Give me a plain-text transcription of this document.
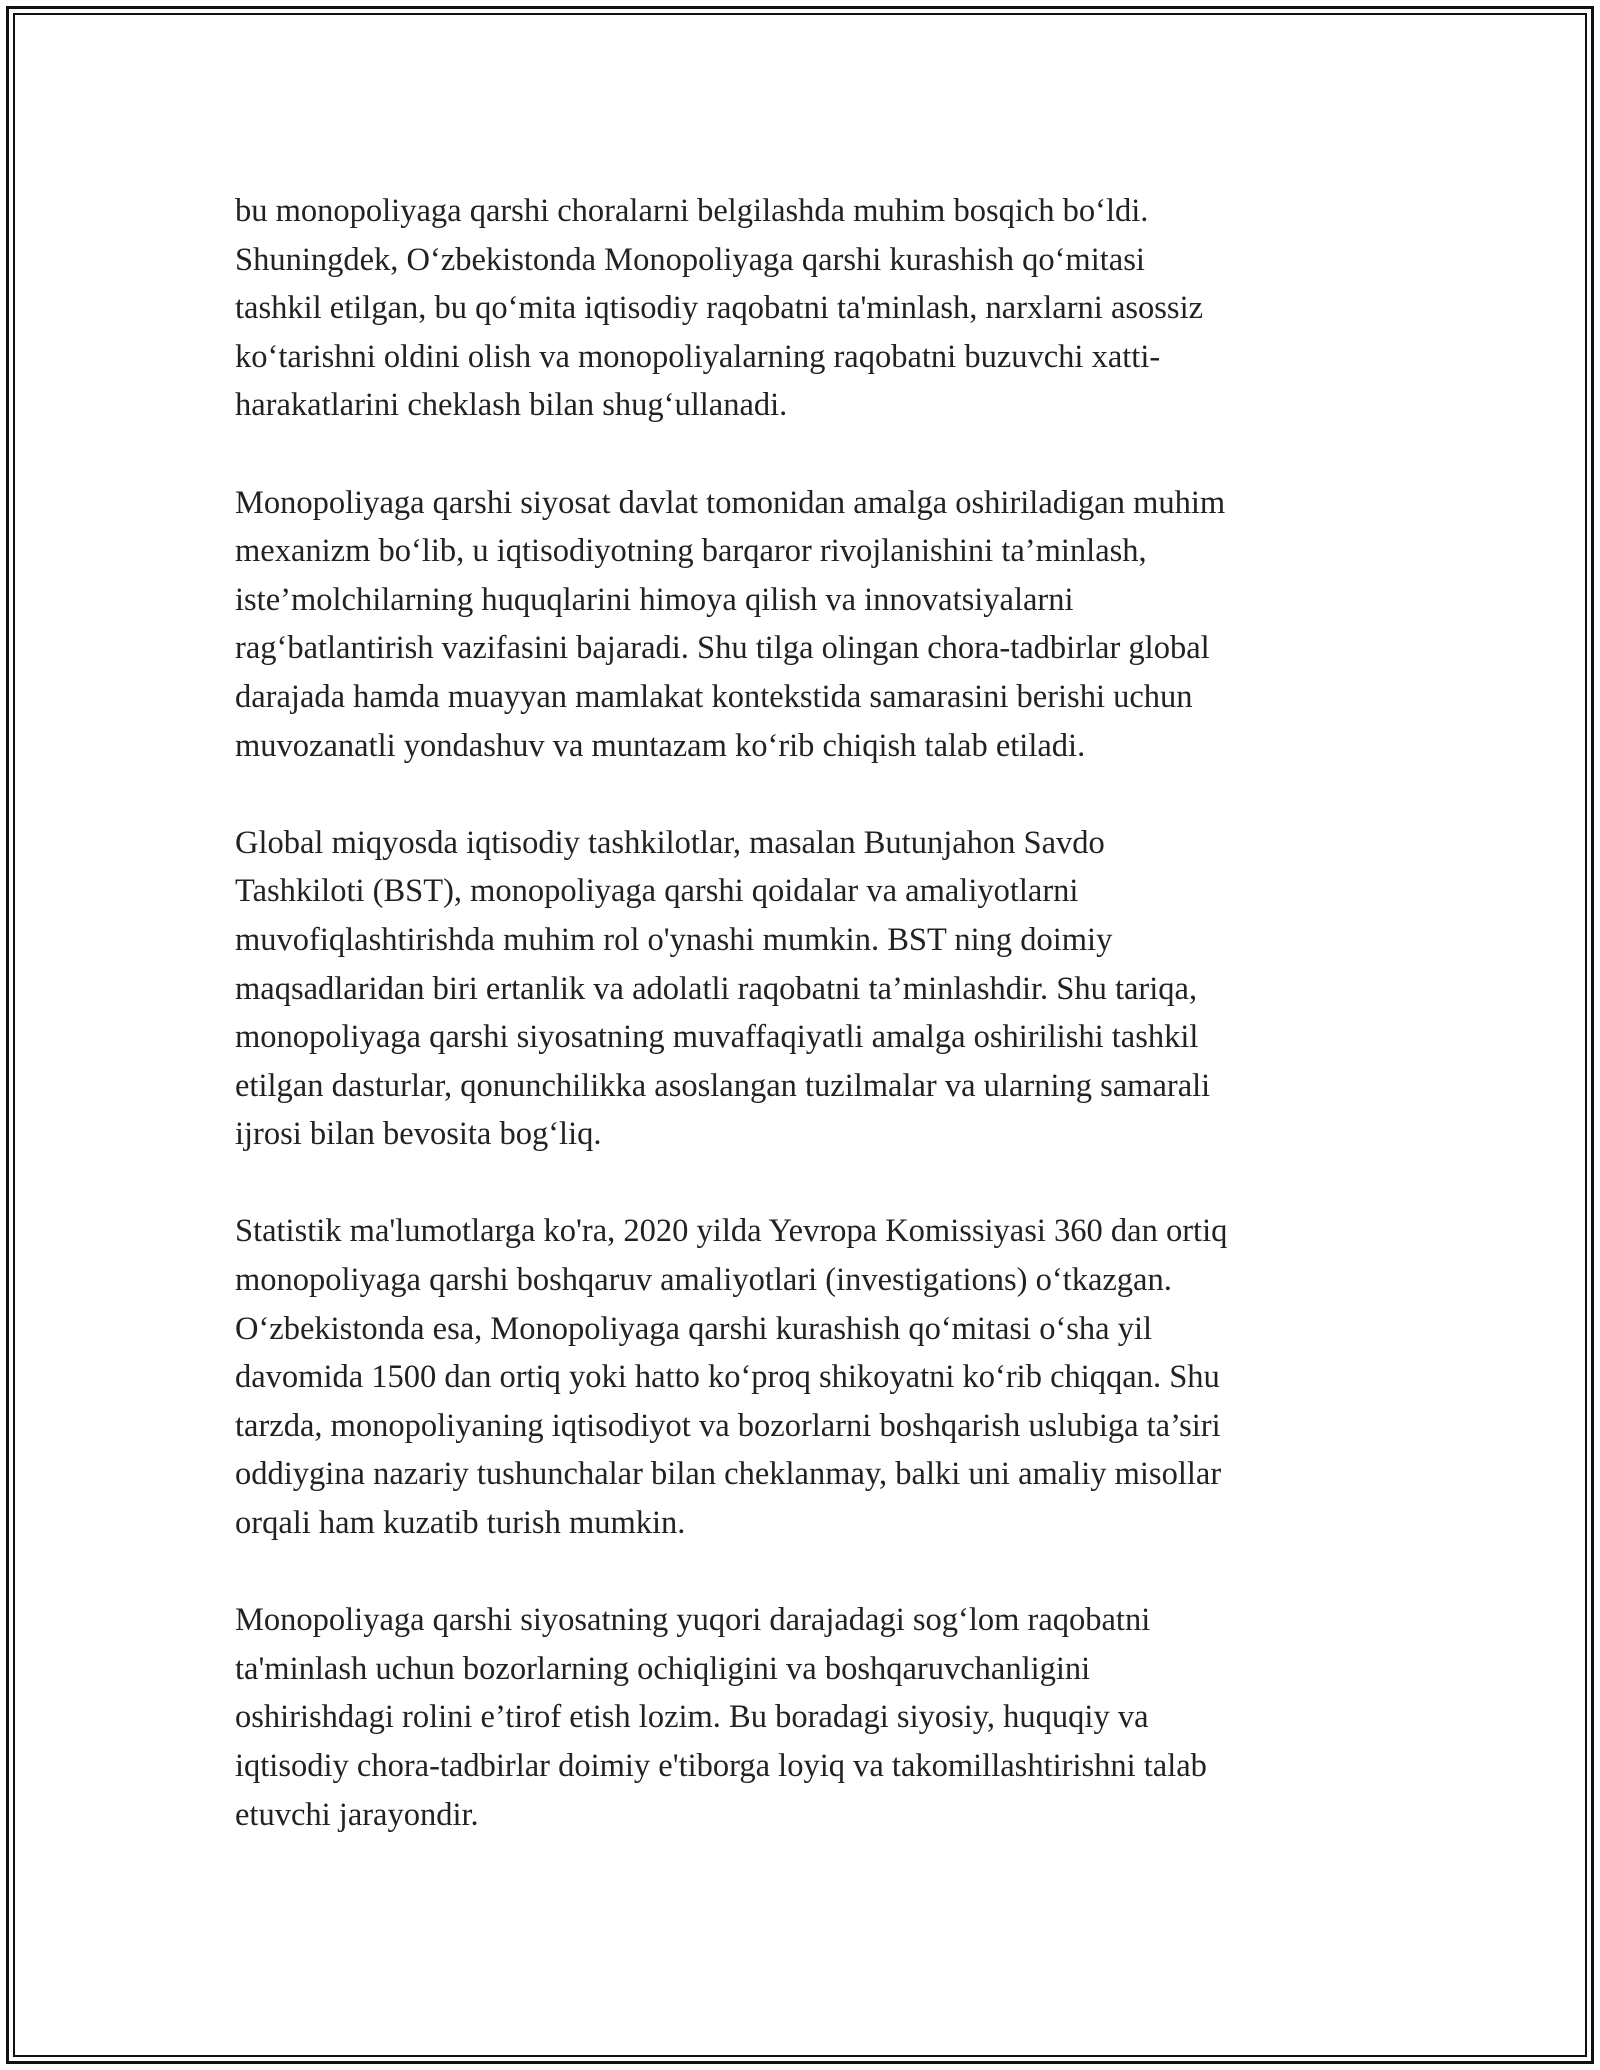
bu monopoliyaga qarshi choralarni belgilashda muhim bosqich bo‘ldi.
Shuningdek, O‘zbekistonda Monopoliyaga qarshi kurashish qo‘mitasi
tashkil etilgan, bu qo‘mita iqtisodiy raqobatni ta'minlash, narxlarni asossiz
ko‘tarishni oldini olish va monopoliyalarning raqobatni buzuvchi xatti-
harakatlarini cheklash bilan shug‘ullanadi.

Monopoliyaga qarshi siyosat davlat tomonidan amalga oshiriladigan muhim
mexanizm bo‘lib, u iqtisodiyotning barqaror rivojlanishini ta’minlash,
iste’molchilarning huquqlarini himoya qilish va innovatsiyalarni
rag‘batlantirish vazifasini bajaradi. Shu tilga olingan chora-tadbirlar global
darajada hamda muayyan mamlakat kontekstida samarasini berishi uchun
muvozanatli yondashuv va muntazam ko‘rib chiqish talab etiladi.

Global miqyosda iqtisodiy tashkilotlar, masalan Butunjahon Savdo
Tashkiloti (BST), monopoliyaga qarshi qoidalar va amaliyotlarni
muvofiqlashtirishda muhim rol o'ynashi mumkin. BST ning doimiy
maqsadlaridan biri ertanlik va adolatli raqobatni ta’minlashdir. Shu tariqa,
monopoliyaga qarshi siyosatning muvaffaqiyatli amalga oshirilishi tashkil
etilgan dasturlar, qonunchilikka asoslangan tuzilmalar va ularning samarali
ijrosi bilan bevosita bog‘liq.

Statistik ma'lumotlarga ko'ra, 2020 yilda Yevropa Komissiyasi 360 dan ortiq
monopoliyaga qarshi boshqaruv amaliyotlari (investigations) o‘tkazgan.
O‘zbekistonda esa, Monopoliyaga qarshi kurashish qo‘mitasi o‘sha yil
davomida 1500 dan ortiq yoki hatto ko‘proq shikoyatni ko‘rib chiqqan. Shu
tarzda, monopoliyaning iqtisodiyot va bozorlarni boshqarish uslubiga ta’siri
oddiygina nazariy tushunchalar bilan cheklanmay, balki uni amaliy misollar
orqali ham kuzatib turish mumkin.

Monopoliyaga qarshi siyosatning yuqori darajadagi sog‘lom raqobatni
ta'minlash uchun bozorlarning ochiqligini va boshqaruvchanligini
oshirishdagi rolini e’tirof etish lozim. Bu boradagi siyosiy, huquqiy va
iqtisodiy chora-tadbirlar doimiy e'tiborga loyiq va takomillashtirishni talab
etuvchi jarayondir.
